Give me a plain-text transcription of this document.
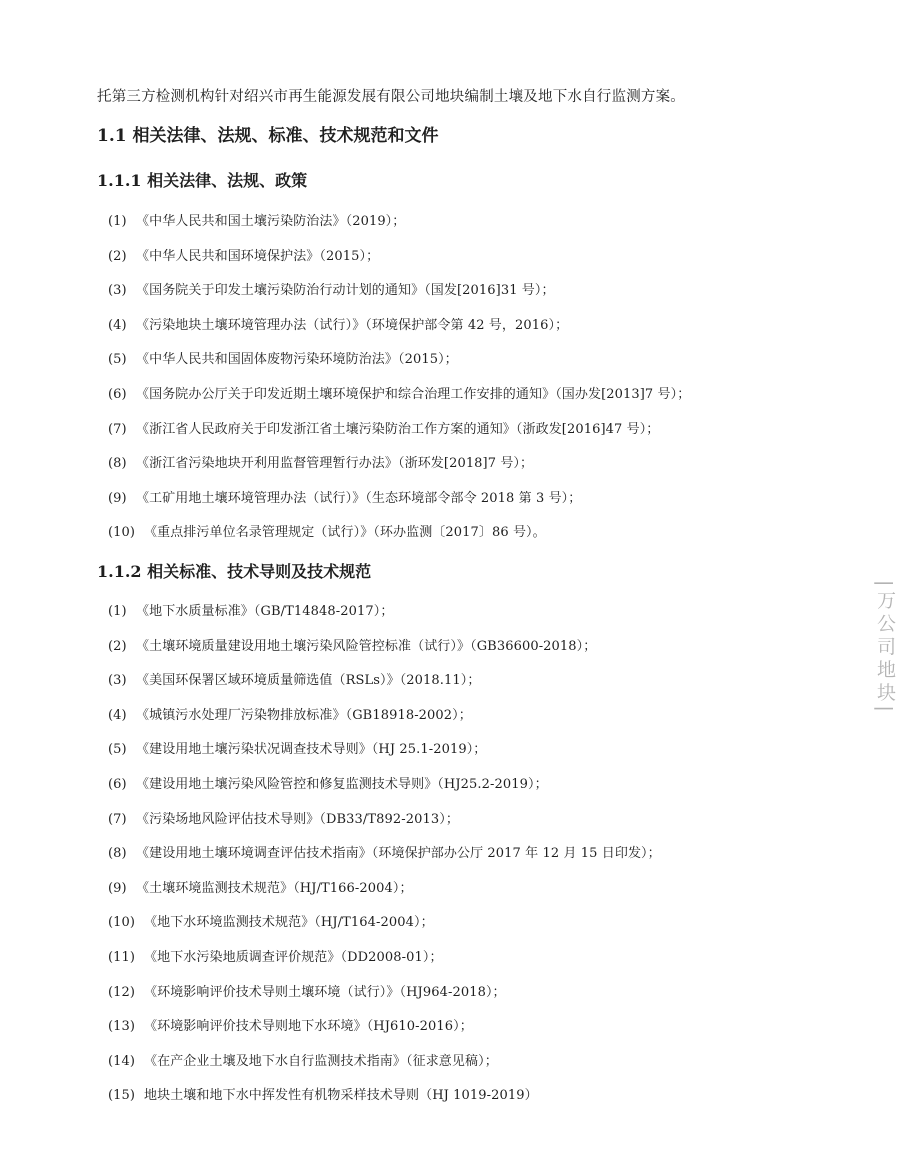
托第三方检测机构针对绍兴市再生能源发展有限公司地块编制土壤及地下水自行监测方案。
1.1 相关法律、法规、标准、技术规范和文件
1.1.1 相关法律、法规、政策
(1) 《中华人民共和国土壤污染防治法》（2019）；
(2) 《中华人民共和国环境保护法》（2015）；
(3) 《国务院关于印发土壤污染防治行动计划的通知》（国发[2016]31 号）；
(4) 《污染地块土壤环境管理办法（试行）》（环境保护部令第 42 号，2016）；
(5) 《中华人民共和国固体废物污染环境防治法》（2015）；
(6) 《国务院办公厅关于印发近期土壤环境保护和综合治理工作安排的通知》（国办发[2013]7 号）；
(7) 《浙江省人民政府关于印发浙江省土壤污染防治工作方案的通知》（浙政发[2016]47 号）；
(8) 《浙江省污染地块开利用监督管理暂行办法》（浙环发[2018]7 号）；
(9) 《工矿用地土壤环境管理办法（试行）》（生态环境部令部令 2018 第 3 号）；
(10) 《重点排污单位名录管理规定（试行）》（环办监测〔2017〕86 号）。
1.1.2 相关标准、技术导则及技术规范
(1) 《地下水质量标准》（GB/T14848-2017）；
(2) 《土壤环境质量建设用地土壤污染风险管控标准（试行）》（GB36600-2018）；
(3) 《美国环保署区域环境质量筛选值（RSLs）》（2018.11）；
(4) 《城镇污水处理厂污染物排放标准》（GB18918-2002）；
(5) 《建设用地土壤污染状况调查技术导则》（HJ 25.1-2019）；
(6) 《建设用地土壤污染风险管控和修复监测技术导则》（HJ25.2-2019）；
(7) 《污染场地风险评估技术导则》（DB33/T892-2013）；
(8) 《建设用地土壤环境调查评估技术指南》（环境保护部办公厅 2017 年 12 月 15 日印发）；
(9) 《土壤环境监测技术规范》（HJ/T166-2004）；
(10) 《地下水环境监测技术规范》（HJ/T164-2004）；
(11) 《地下水污染地质调查评价规范》（DD2008-01）；
(12) 《环境影响评价技术导则土壤环境（试行）》（HJ964-2018）；
(13) 《环境影响评价技术导则地下水环境》（HJ610-2016）；
(14) 《在产企业土壤及地下水自行监测技术指南》（征求意见稿）；
(15) 地块土壤和地下水中挥发性有机物采样技术导则（HJ 1019-2019）
|万公司地块|
